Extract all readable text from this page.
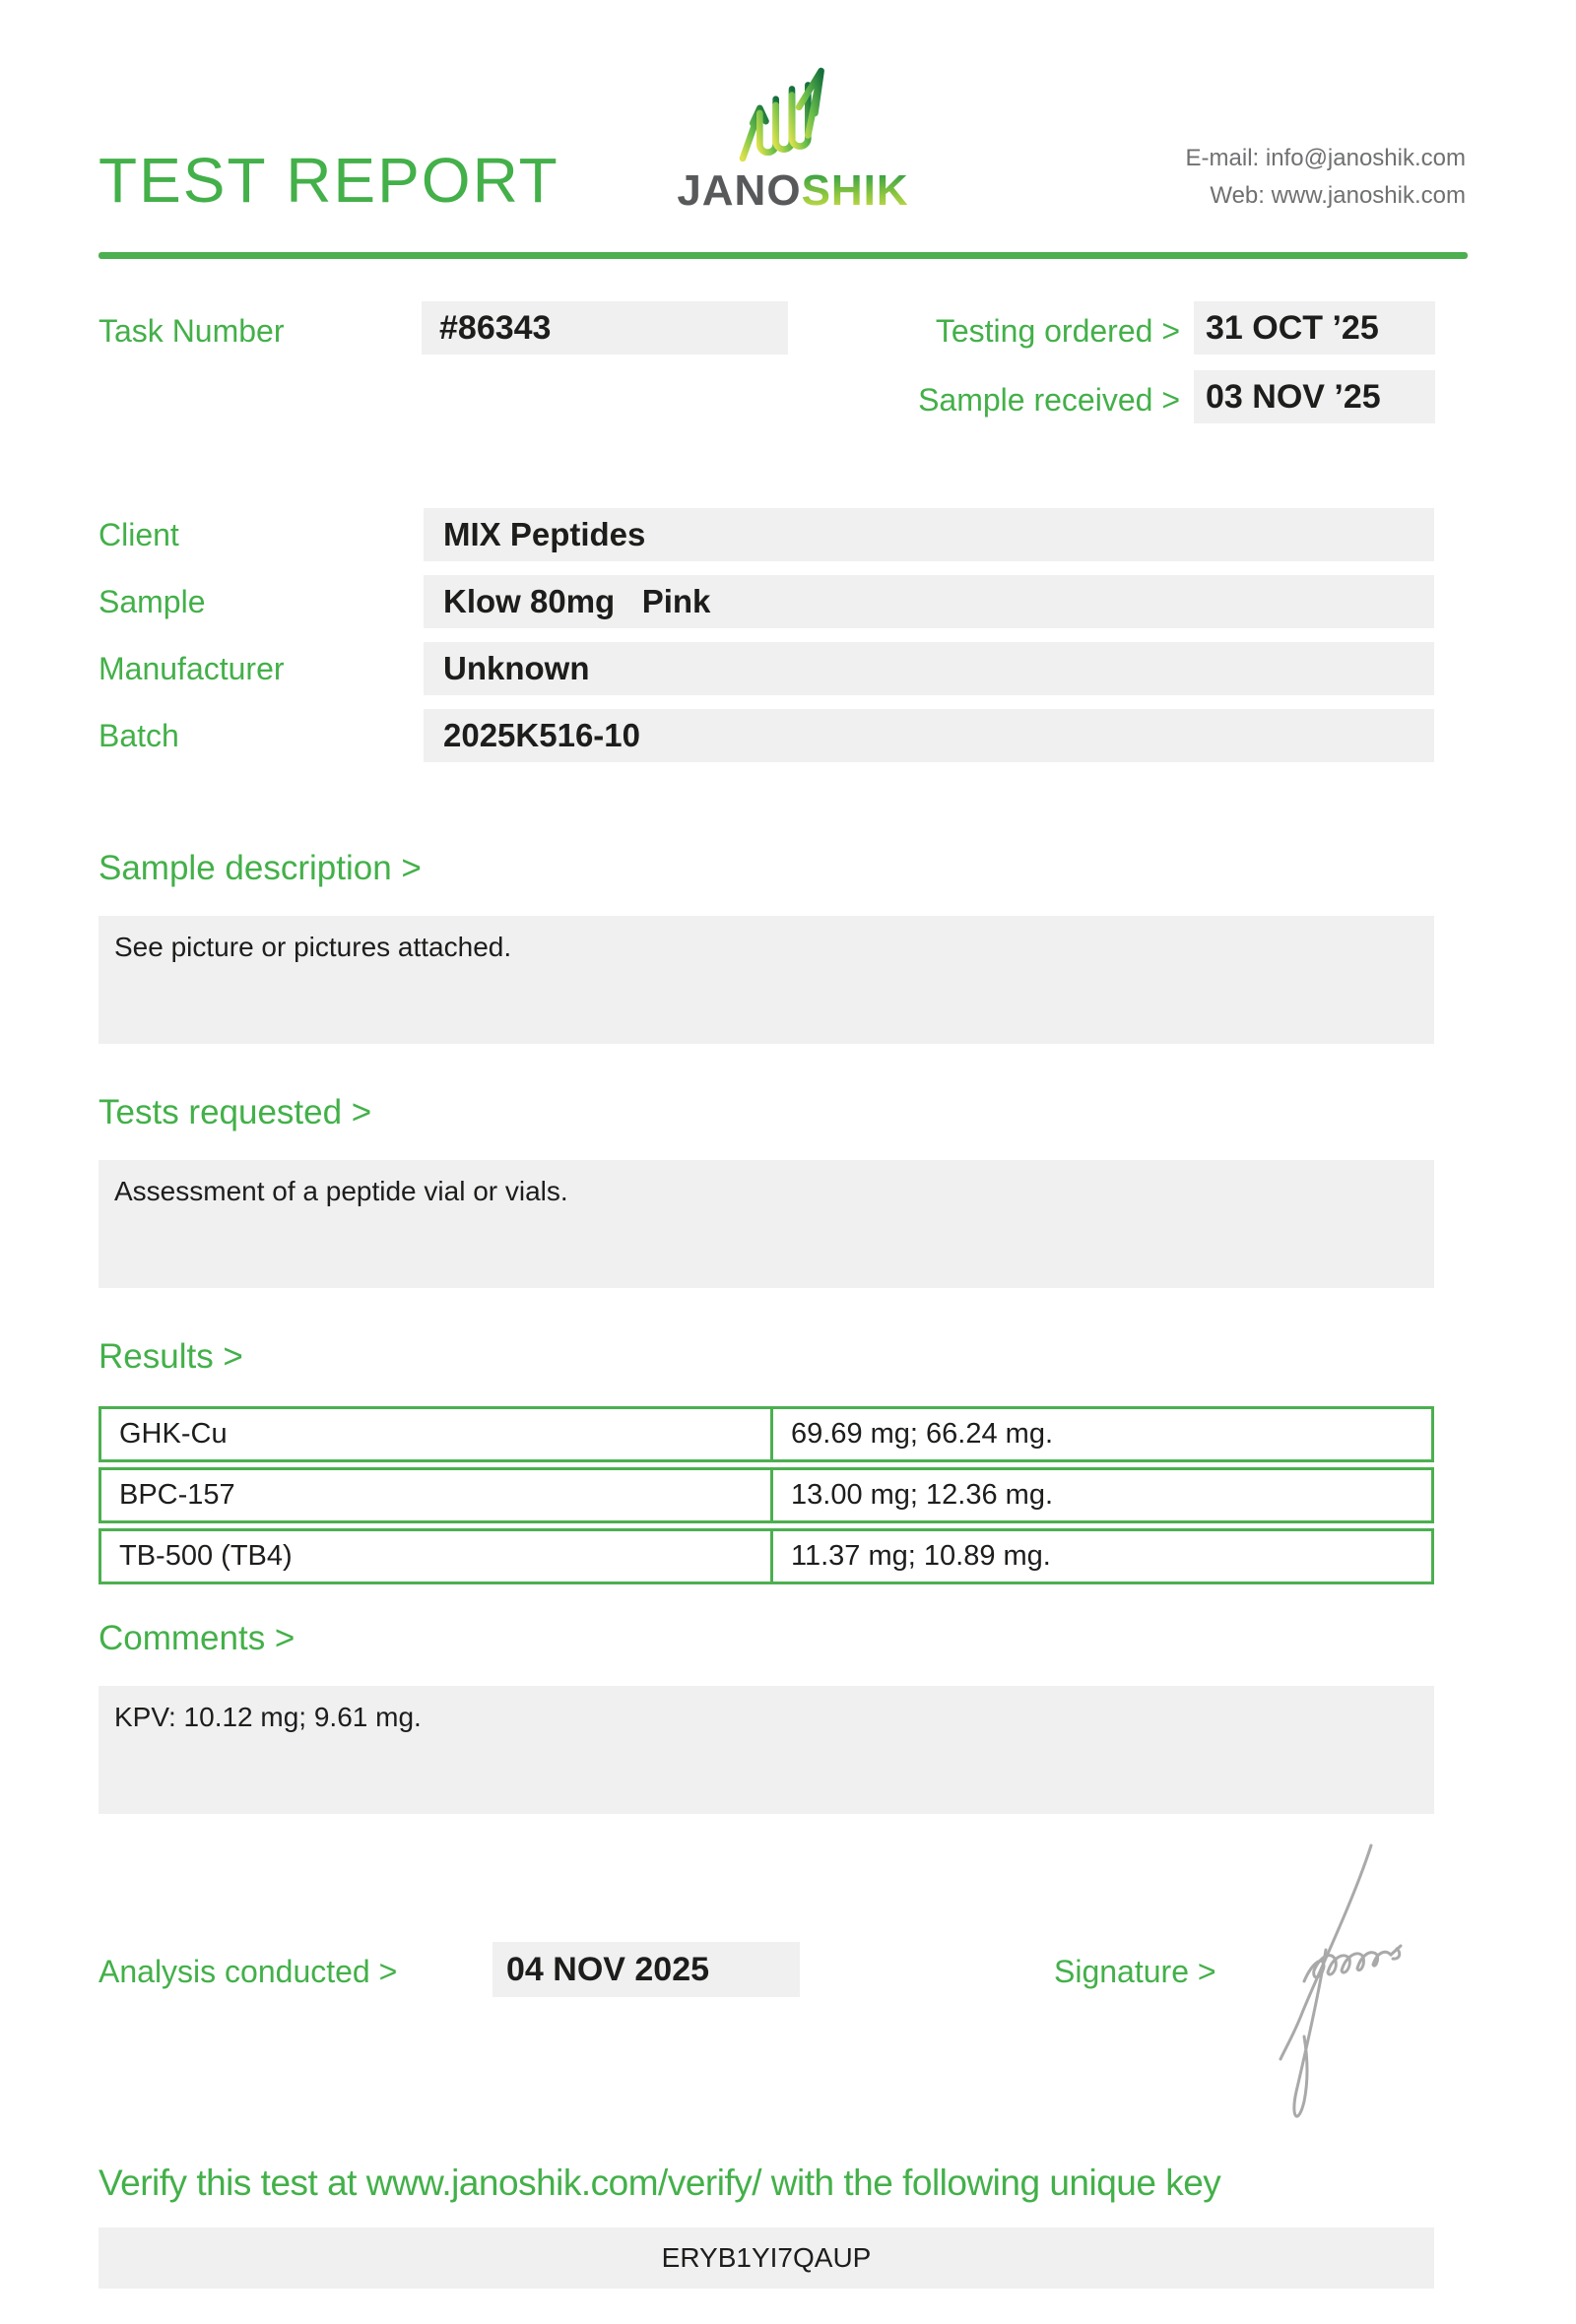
TEST REPORT	JANOSHIK
E-mail: info@janoshik.com
Web: www.janoshik.com
Task Number	#86343	Testing ordered > 31 OCT ’25
Sample received > 03 NOV ’25
Client	MIX Peptides
Sample	Klow 80mg   Pink
Manufacturer	Unknown
Batch	2025K516-10
Sample description >
See picture or pictures attached.
Tests requested >
Assessment of a peptide vial or vials.
Results >
GHK-Cu	69.69 mg; 66.24 mg.
BPC-157	13.00 mg; 12.36 mg.
TB-500 (TB4)	11.37 mg; 10.89 mg.
Comments >
KPV: 10.12 mg; 9.61 mg.
Analysis conducted >	04 NOV 2025	Signature >
Verify this test at www.janoshik.com/verify/ with the following unique key
ERYB1YI7QAUP
